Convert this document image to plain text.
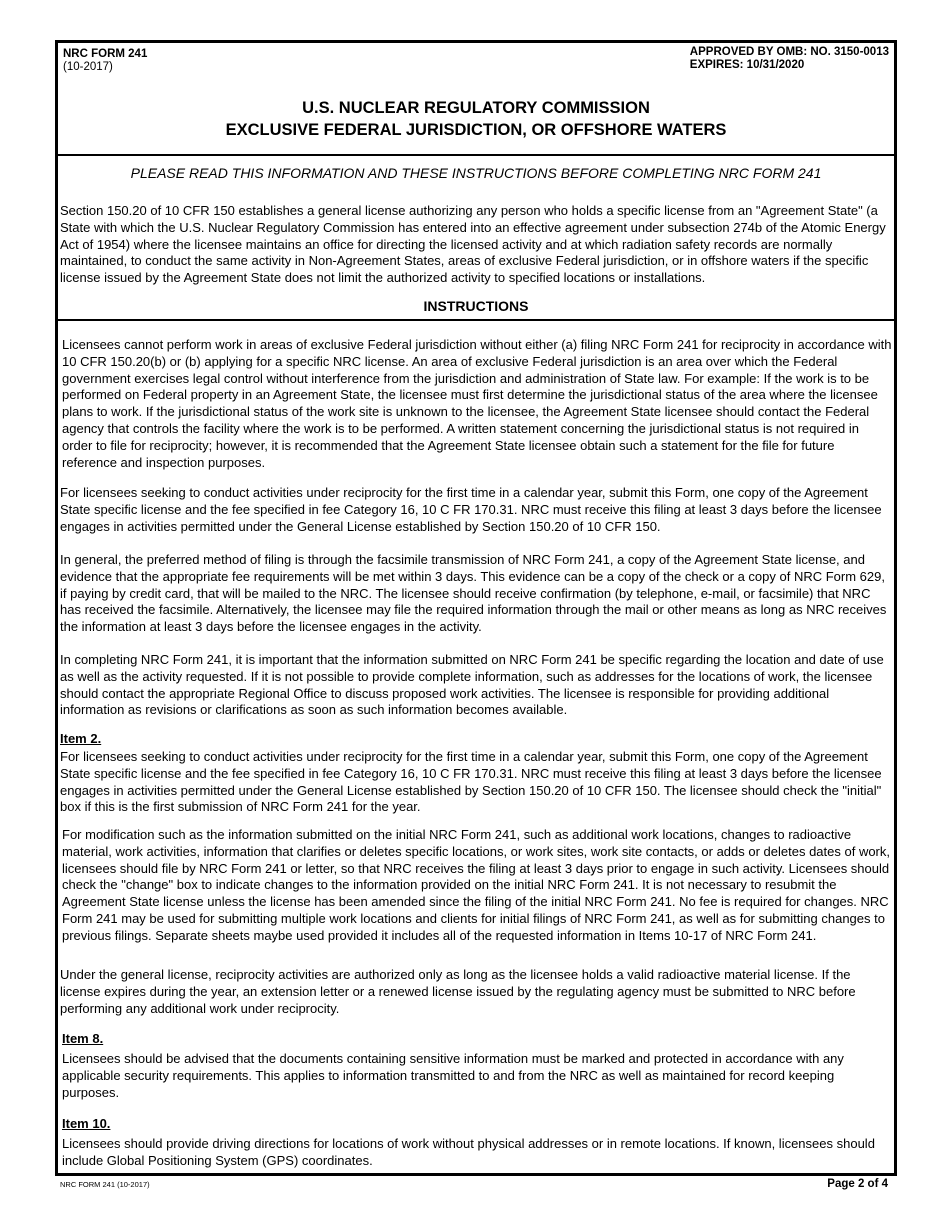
NRC FORM 241
(10-2017)
APPROVED BY OMB: NO. 3150-0013
EXPIRES: 10/31/2020
U.S. NUCLEAR REGULATORY COMMISSION
EXCLUSIVE FEDERAL JURISDICTION, OR OFFSHORE WATERS
PLEASE READ THIS INFORMATION AND THESE INSTRUCTIONS BEFORE COMPLETING NRC FORM 241
Section 150.20 of 10 CFR 150 establishes a general license authorizing any person who holds a specific license from an "Agreement State" (a State with which the U.S. Nuclear Regulatory Commission has entered into an effective agreement under subsection 274b of the Atomic Energy Act of 1954) where the licensee maintains an office for directing the licensed activity and at which radiation safety records are normally maintained, to conduct the same activity in Non-Agreement States, areas of exclusive Federal jurisdiction, or in offshore waters if the specific license issued by the Agreement State does not limit the authorized activity to specified locations or installations.
INSTRUCTIONS
Licensees cannot perform work in areas of exclusive Federal jurisdiction without either (a) filing NRC Form 241 for reciprocity in accordance with 10 CFR 150.20(b) or (b) applying for a specific NRC license. An area of exclusive Federal jurisdiction is an area over which the Federal government exercises legal control without interference from the jurisdiction and administration of State law. For example: If the work is to be performed on Federal property in an Agreement State, the licensee must first determine the jurisdictional status of the area where the licensee plans to work. If the jurisdictional status of the work site is unknown to the licensee, the Agreement State licensee should contact the Federal agency that controls the facility where the work is to be performed. A written statement concerning the jurisdictional status is not required in order to file for reciprocity; however, it is recommended that the Agreement State licensee obtain such a statement for the file for future reference and inspection purposes.
For licensees seeking to conduct activities under reciprocity for the first time in a calendar year, submit this Form, one copy of the Agreement State specific license and the fee specified in fee Category 16, 10 C FR 170.31. NRC must receive this filing at least 3 days before the licensee engages in activities permitted under the General License established by Section 150.20 of 10 CFR 150.
In general, the preferred method of filing is through the facsimile transmission of NRC Form 241, a copy of the Agreement State license, and evidence that the appropriate fee requirements will be met within 3 days. This evidence can be a copy of the check or a copy of NRC Form 629, if paying by credit card, that will be mailed to the NRC. The licensee should receive confirmation (by telephone, e-mail, or facsimile) that NRC has received the facsimile. Alternatively, the licensee may file the required information through the mail or other means as long as NRC receives the information at least 3 days before the licensee engages in the activity.
In completing NRC Form 241, it is important that the information submitted on NRC Form 241 be specific regarding the location and date of use as well as the activity requested. If it is not possible to provide complete information, such as addresses for the locations of work, the licensee should contact the appropriate Regional Office to discuss proposed work activities. The licensee is responsible for providing additional information as revisions or clarifications as soon as such information becomes available.
Item 2.
For licensees seeking to conduct activities under reciprocity for the first time in a calendar year, submit this Form, one copy of the Agreement State specific license and the fee specified in fee Category 16, 10 C FR 170.31. NRC must receive this filing at least 3 days before the licensee engages in activities permitted under the General License established by Section 150.20 of 10 CFR 150. The licensee should check the "initial" box if this is the first submission of NRC Form 241 for the year.
For modification such as the information submitted on the initial NRC Form 241, such as additional work locations, changes to radioactive material, work activities, information that clarifies or deletes specific locations, or work sites, work site contacts, or adds or deletes dates of work, licensees should file by NRC Form 241 or letter, so that NRC receives the filing at least 3 days prior to engage in such activity. Licensees should check the "change" box to indicate changes to the information provided on the initial NRC Form 241. It is not necessary to resubmit the Agreement State license unless the license has been amended since the filing of the initial NRC Form 241. No fee is required for changes. NRC Form 241 may be used for submitting multiple work locations and clients for initial filings of NRC Form 241, as well as for submitting changes to previous filings. Separate sheets maybe used provided it includes all of the requested information in Items 10-17 of NRC Form 241.
Under the general license, reciprocity activities are authorized only as long as the licensee holds a valid radioactive material license. If the license expires during the year, an extension letter or a renewed license issued by the regulating agency must be submitted to NRC before performing any additional work under reciprocity.
Item 8.
Licensees should be advised that the documents containing sensitive information must be marked and protected in accordance with any applicable security requirements. This applies to information transmitted to and from the NRC as well as maintained for record keeping purposes.
Item 10.
Licensees should provide driving directions for locations of work without physical addresses or in remote locations. If known, licensees should include Global Positioning System (GPS) coordinates.
NRC FORM 241 (10-2017)	Page 2 of 4
